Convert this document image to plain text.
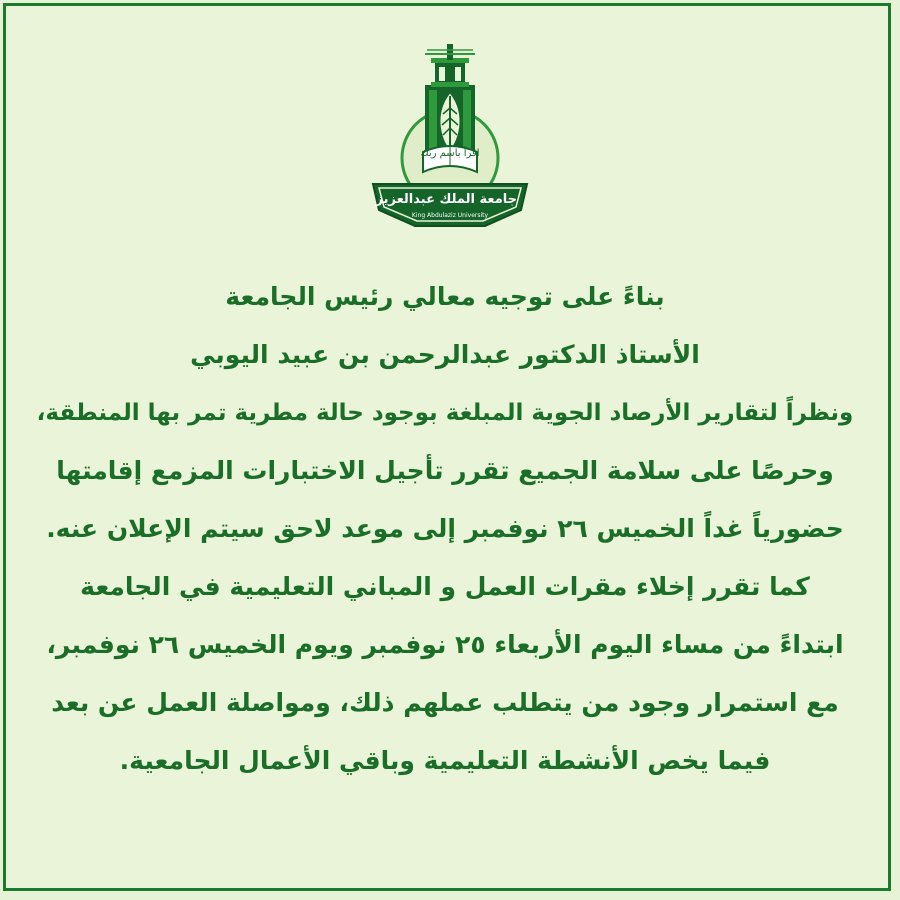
اقرأ باسم ربك
جامعة الملك عبدالعزيز
King Abdulaziz University
بناءً على توجيه معالي رئيس الجامعة
الأستاذ الدكتور عبدالرحمن بن عبيد اليوبي
ونظراً لتقارير الأرصاد الجوية المبلغة بوجود حالة مطرية تمر بها المنطقة،
وحرصًا على سلامة الجميع تقرر تأجيل الاختبارات المزمع إقامتها
حضورياً غداً الخميس ٢٦ نوفمبر إلى موعد لاحق سيتم الإعلان عنه.
كما تقرر إخلاء مقرات العمل و المباني التعليمية في الجامعة
ابتداءً من مساء اليوم الأربعاء ٢٥ نوفمبر ويوم الخميس ٢٦ نوفمبر،
مع استمرار وجود من يتطلب عملهم ذلك، ومواصلة العمل عن بعد
فيما يخص الأنشطة التعليمية وباقي الأعمال الجامعية.
